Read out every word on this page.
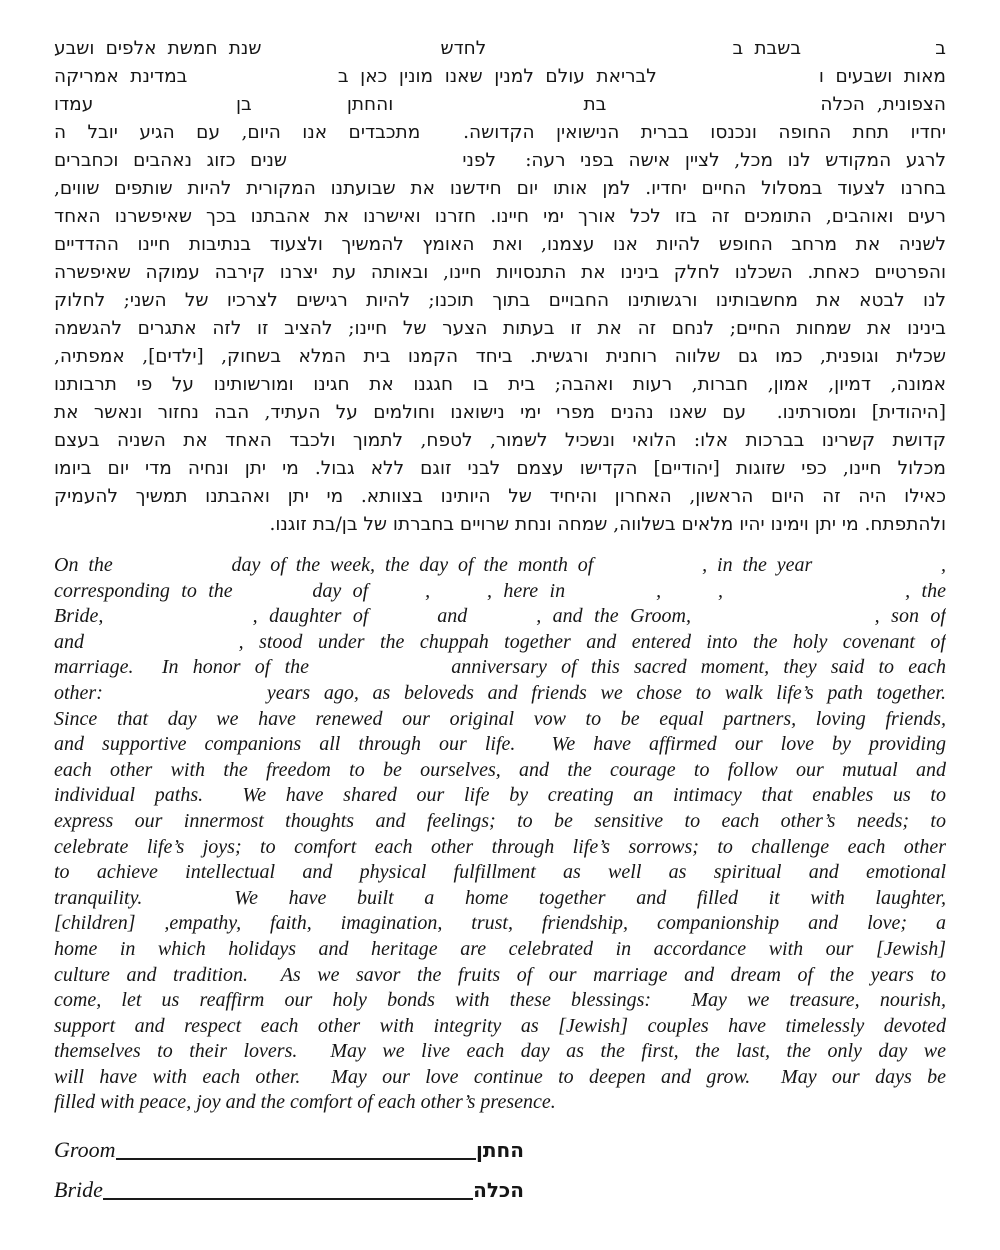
ב            בשבת ב                      לחדש                שנת חמשת אלפים ושבע
מאות ושבעים ו              לבריאת עולם למנין שאנו מונין כאן ב             במדינת אמריקה
הצפונית, הכלה                  בת                והחתן        בן            עמדו
יחדיו תחת החופה ונכנסו בברית הנישואין הקדושה.  מתכבדים אנו היום, עם הגיע יובל ה
לרגע המקודש לנו מכל, לציין אישה בפני רעה:  לפני            שנים כזוג נאהבים וכחברים
בחרנו לצעוד במסלול החיים יחדיו. למן אותו יום חידשנו את שבועתנו המקורית להיות שותפים שווים,
רעים ואוהבים, התומכים זה בזו לכל אורך ימי חיינו. חזרנו ואישרנו את אהבתנו בכך שאיפשרנו האחד
לשניה את מרחב החופש להיות אנו עצמנו, ואת האומץ להמשיך ולצעוד בנתיבות חיינו ההדדיים
והפרטיים כאחת. השכלנו לחלק בינינו את התנסויות חיינו, ובאותה עת יצרנו קירבה עמוקה שאיפשרה
לנו לבטא את מחשבותינו ורגשותינו החבויים בתוך תוכנו; להיות רגישים לצרכיו של השני; לחלוק
בינינו את שמחות החיים; לנחם זה את זו בעתות הצער של חיינו; להציב זו לזה אתגרים להגשמה
שכלית וגופנית, כמו גם שלווה רוחנית ורגשית. ביחד הקמנו בית המלא בשחוק, [ילדים], אמפתיה,
אמונה, דמיון, אמון, חברות, רעות ואהבה; בית בו חגגנו את חגינו ומורשותינו על פי תרבותנו
[היהודית] ומסורתינו.  עם שאנו נהנים מפרי ימי נישואנו וחולמים על העתיד, הבה נחזור ונאשר את
קדושת קשרינו בברכות אלו: הלואי ונשכיל לשמור, לטפח, לתמוך ולכבד האחד את השניה בעצם
מכלול חיינו, כפי שזוגות [יהודיים] הקדישו עצמם לבני זוגם ללא גבול. מי יתן ונחיה מדי יום ביומו
כאילו היה זה היום הראשון, האחרון והיחיד של היותינו בצוותא. מי יתן ואהבתנו תמשיך להעמיק
ולהתפתח. מי יתן וימינו יהיו מלאים בשלווה, שמחה ונחת שרויים בחברתו של בן/בת זוגנו.
On the            day of the week, the day of the month of           , in the year             ,
corresponding to the       day of     ,     , here in        ,     ,                , the
Bride,             , daughter of      and      , and the Groom,                , son of
and          , stood under the chuppah together and entered into the holy covenant of
marriage.  In honor of the          anniversary of this sacred moment, they said to each
other:            years ago, as beloveds and friends we chose to walk life’s path together.
Since that day we have renewed our original vow to be equal partners, loving friends,
and supportive companions all through our life.  We have affirmed our love by providing
each other with the freedom to be ourselves, and the courage to follow our mutual and
individual paths.  We have shared our life by creating an intimacy that enables us to
express our innermost thoughts and feelings; to be sensitive to each other’s needs; to
celebrate life’s joys; to comfort each other through life’s sorrows; to challenge each other
to achieve intellectual and physical fulfillment as well as spiritual and emotional
tranquility.   We have built a home together and filled it with laughter,
[children] ,empathy, faith, imagination, trust, friendship, companionship and love; a
home in which holidays and heritage are celebrated in accordance with our [Jewish]
culture and tradition.  As we savor the fruits of our marriage and dream of the years to
come, let us reaffirm our holy bonds with these blessings:  May we treasure, nourish,
support and respect each other with integrity as [Jewish] couples have timelessly devoted
themselves to their lovers.  May we live each day as the first, the last, the only day we
will have with each other.  May our love continue to deepen and grow.  May our days be
filled with peace, joy and the comfort of each other’s presence.
Groom	החתן
Bride	הכלה
